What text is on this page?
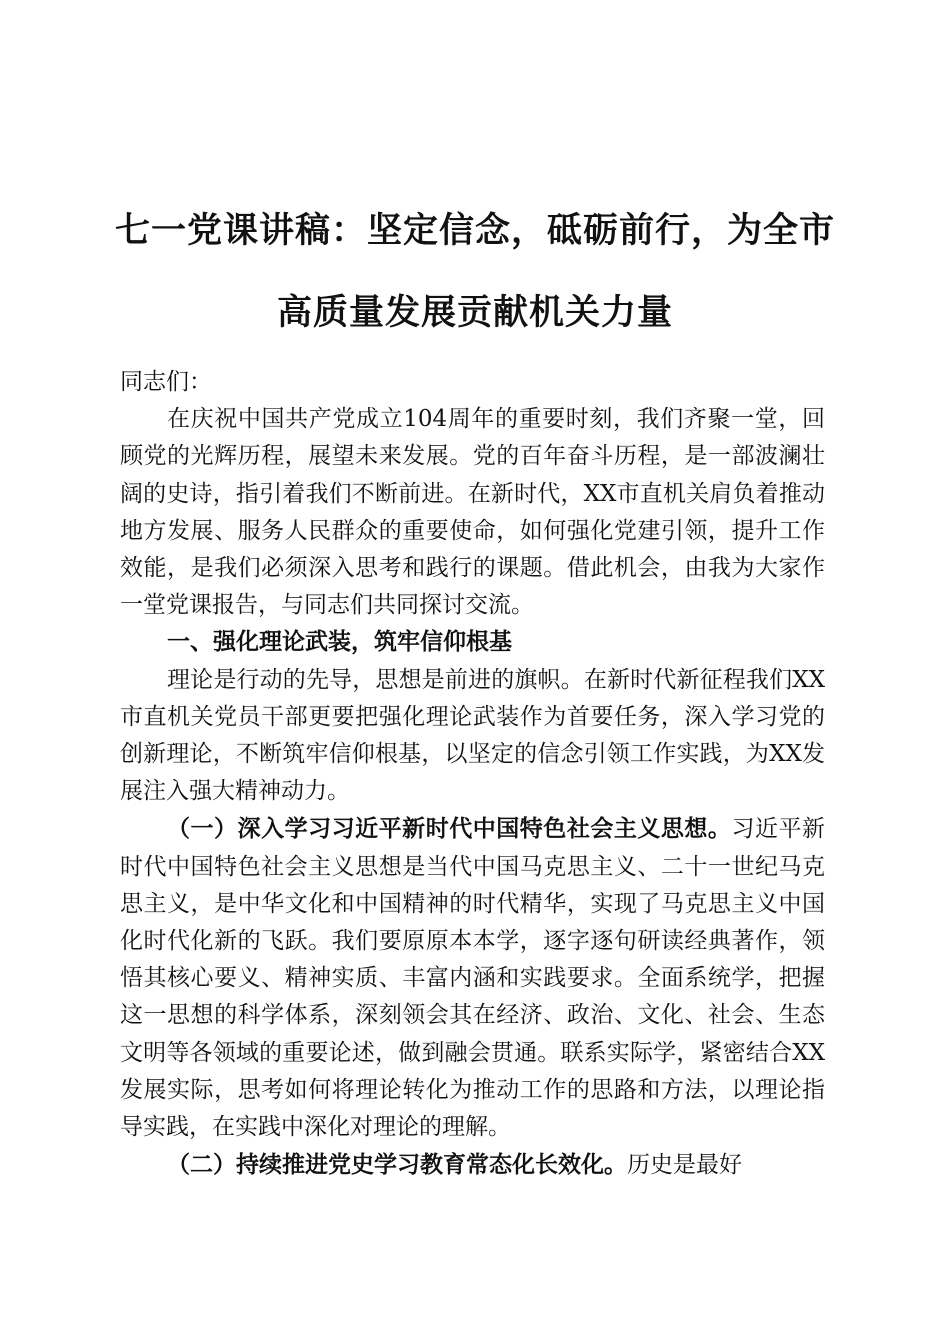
七一党课讲稿：坚定信念，砥砺前行，为全市
高质量发展贡献机关力量

同志们：

在庆祝中国共产党成立104周年的重要时刻，我们齐聚一堂，回顾党的光辉历程，展望未来发展。党的百年奋斗历程，是一部波澜壮阔的史诗，指引着我们不断前进。在新时代，XX市直机关肩负着推动地方发展、服务人民群众的重要使命，如何强化党建引领，提升工作效能，是我们必须深入思考和践行的课题。借此机会，由我为大家作一堂党课报告，与同志们共同探讨交流。

一、强化理论武装，筑牢信仰根基

理论是行动的先导，思想是前进的旗帜。在新时代新征程我们XX市直机关党员干部更要把强化理论武装作为首要任务，深入学习党的创新理论，不断筑牢信仰根基，以坚定的信念引领工作实践，为XX发展注入强大精神动力。

（一）深入学习习近平新时代中国特色社会主义思想。习近平新时代中国特色社会主义思想是当代中国马克思主义、二十一世纪马克思主义，是中华文化和中国精神的时代精华，实现了马克思主义中国化时代化新的飞跃。我们要原原本本学，逐字逐句研读经典著作，领悟其核心要义、精神实质、丰富内涵和实践要求。全面系统学，把握这一思想的科学体系，深刻领会其在经济、政治、文化、社会、生态文明等各领域的重要论述，做到融会贯通。联系实际学，紧密结合XX发展实际，思考如何将理论转化为推动工作的思路和方法，以理论指导实践，在实践中深化对理论的理解。

（二）持续推进党史学习教育常态化长效化。历史是最好
